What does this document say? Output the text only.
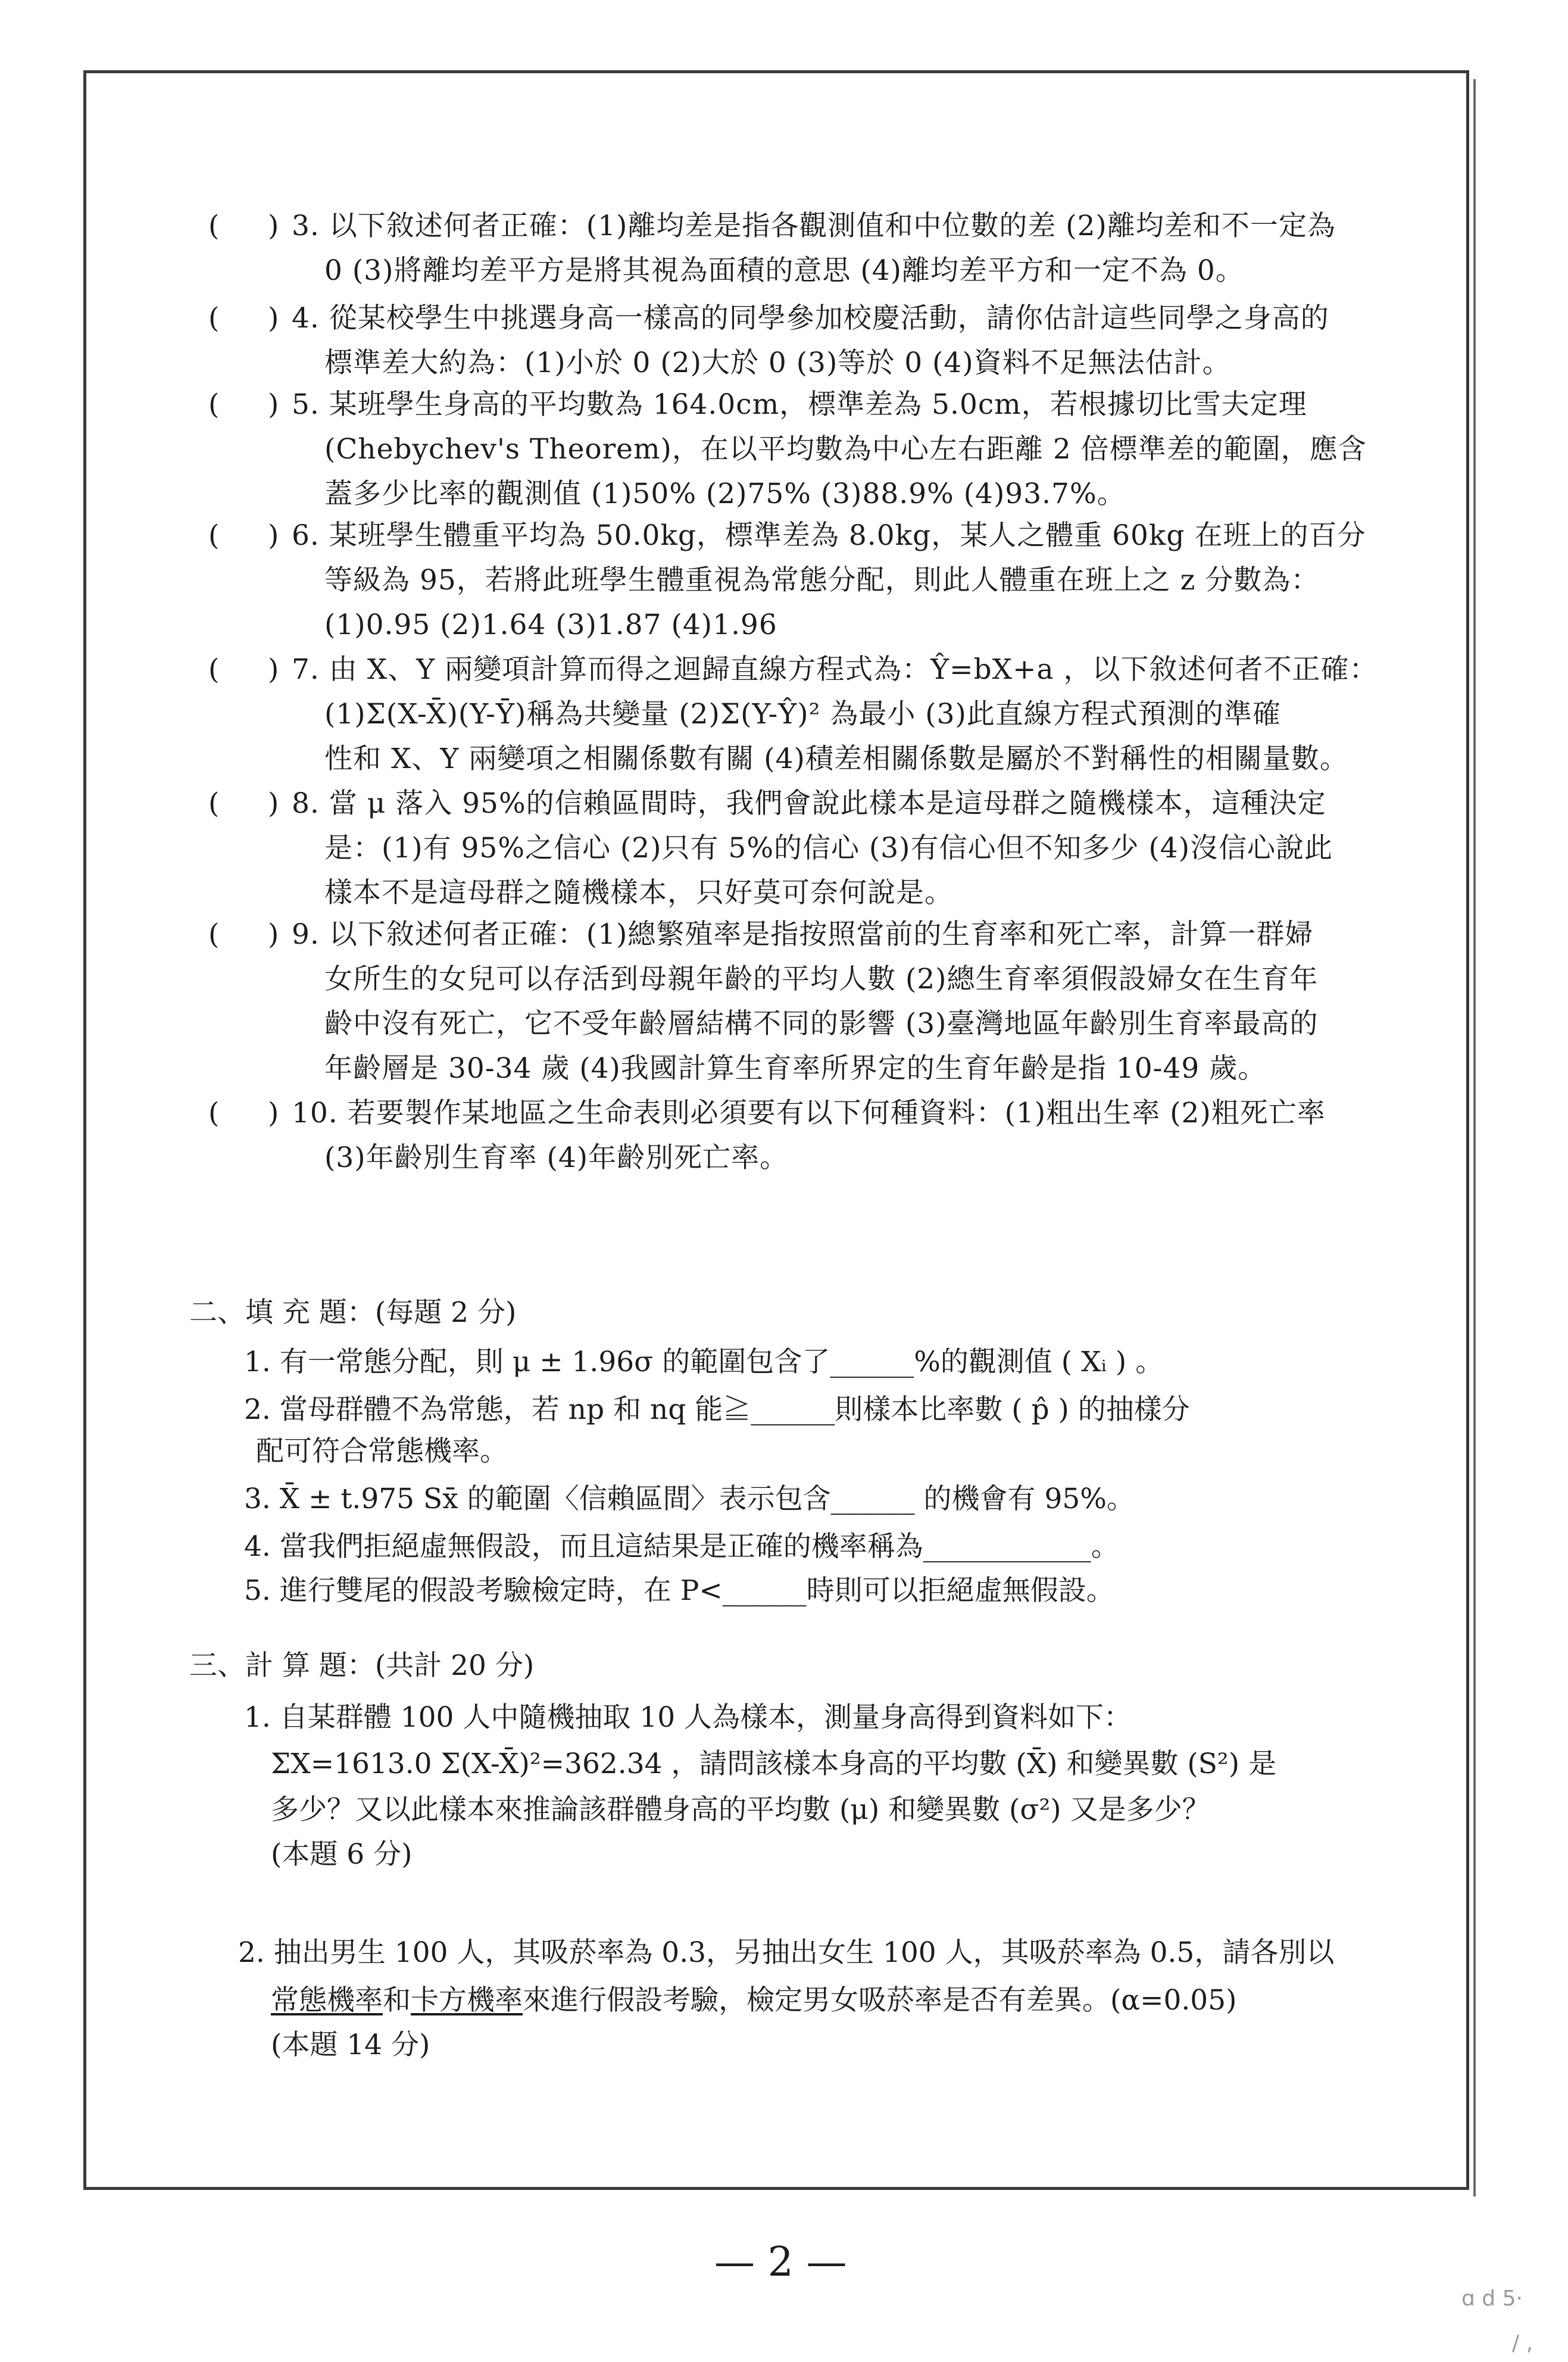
( ) 3. 以下敘述何者正確：(1)離均差是指各觀測值和中位數的差 (2)離均差和不一定為
0 (3)將離均差平方是將其視為面積的意思 (4)離均差平方和一定不為 0。
( ) 4. 從某校學生中挑選身高一樣高的同學參加校慶活動，請你估計這些同學之身高的
標準差大約為：(1)小於 0 (2)大於 0 (3)等於 0 (4)資料不足無法估計。
( ) 5. 某班學生身高的平均數為 164.0cm，標準差為 5.0cm，若根據切比雪夫定理
(Chebychev's Theorem)，在以平均數為中心左右距離 2 倍標準差的範圍，應含
蓋多少比率的觀測值 (1)50% (2)75% (3)88.9% (4)93.7%。
( ) 6. 某班學生體重平均為 50.0kg，標準差為 8.0kg，某人之體重 60kg 在班上的百分
等級為 95，若將此班學生體重視為常態分配，則此人體重在班上之 z 分數為：
(1)0.95 (2)1.64 (3)1.87 (4)1.96
( ) 7. 由 X、Y 兩變項計算而得之迴歸直線方程式為：Ŷ=bX+a ，以下敘述何者不正確：
(1)Σ(X-X̄)(Y-Ȳ)稱為共變量 (2)Σ(Y-Ŷ)² 為最小 (3)此直線方程式預測的準確
性和 X、Y 兩變項之相關係數有關 (4)積差相關係數是屬於不對稱性的相關量數。
( ) 8. 當 μ 落入 95%的信賴區間時，我們會說此樣本是這母群之隨機樣本，這種決定
是：(1)有 95%之信心 (2)只有 5%的信心 (3)有信心但不知多少 (4)沒信心說此
樣本不是這母群之隨機樣本，只好莫可奈何說是。
( ) 9. 以下敘述何者正確：(1)總繁殖率是指按照當前的生育率和死亡率，計算一群婦
女所生的女兒可以存活到母親年齡的平均人數 (2)總生育率須假設婦女在生育年
齡中沒有死亡，它不受年齡層結構不同的影響 (3)臺灣地區年齡別生育率最高的
年齡層是 30-34 歲 (4)我國計算生育率所界定的生育年齡是指 10-49 歲。
( ) 10. 若要製作某地區之生命表則必須要有以下何種資料：(1)粗出生率 (2)粗死亡率
(3)年齡別生育率 (4)年齡別死亡率。
二、填 充 題：(每題 2 分)
1. 有一常態分配，則 μ ± 1.96σ 的範圍包含了______%的觀測值 ( Xᵢ ) 。
2. 當母群體不為常態，若 np 和 nq 能≧______則樣本比率數 ( p̂ ) 的抽樣分
配可符合常態機率。
3. X̄ ± t.975 Sx̄ 的範圍〈信賴區間〉表示包含______ 的機會有 95%。
4. 當我們拒絕虛無假設，而且這結果是正確的機率稱為____________。
5. 進行雙尾的假設考驗檢定時，在 P<______時則可以拒絕虛無假設。
三、計 算 題：(共計 20 分)
1. 自某群體 100 人中隨機抽取 10 人為樣本，測量身高得到資料如下：
ΣX=1613.0 Σ(X-X̄)²=362.34 ，請問該樣本身高的平均數 (X̄) 和變異數 (S²) 是
多少？又以此樣本來推論該群體身高的平均數 (μ) 和變異數 (σ²) 又是多少？
(本題 6 分)
2. 抽出男生 100 人，其吸菸率為 0.3，另抽出女生 100 人，其吸菸率為 0.5，請各別以
常態機率和卡方機率來進行假設考驗，檢定男女吸菸率是否有差異。(α=0.05)
(本題 14 分)
— 2 —
ɑ d 5·
/ ,
